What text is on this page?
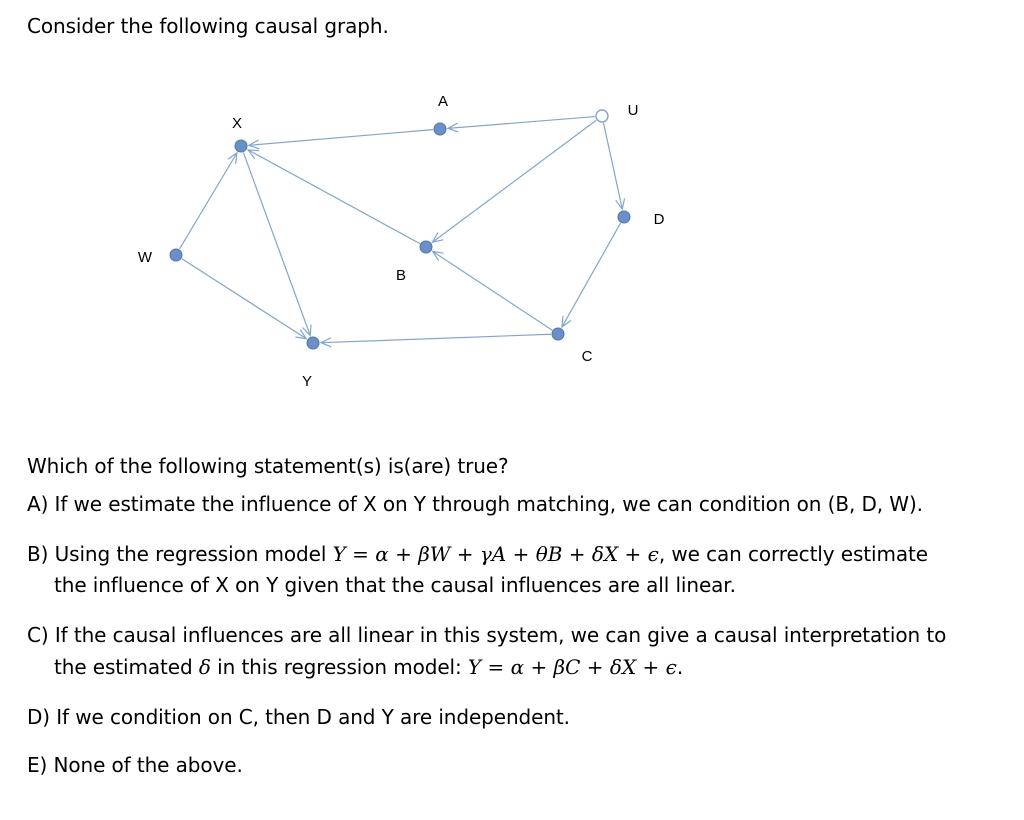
Consider the following causal graph.
X
A
U
D
W
B
C
Y
Which of the following statement(s) is(are) true?
A) If we estimate the influence of X on Y through matching, we can condition on (B, D, W).
B) Using the regression model Y = α + βW + γA + θB + δX + ϵ, we can correctly estimate
the influence of X on Y given that the causal influences are all linear.
C) If the causal influences are all linear in this system, we can give a causal interpretation to
the estimated δ in this regression model: Y = α + βC + δX + ϵ.
D) If we condition on C, then D and Y are independent.
E) None of the above.
